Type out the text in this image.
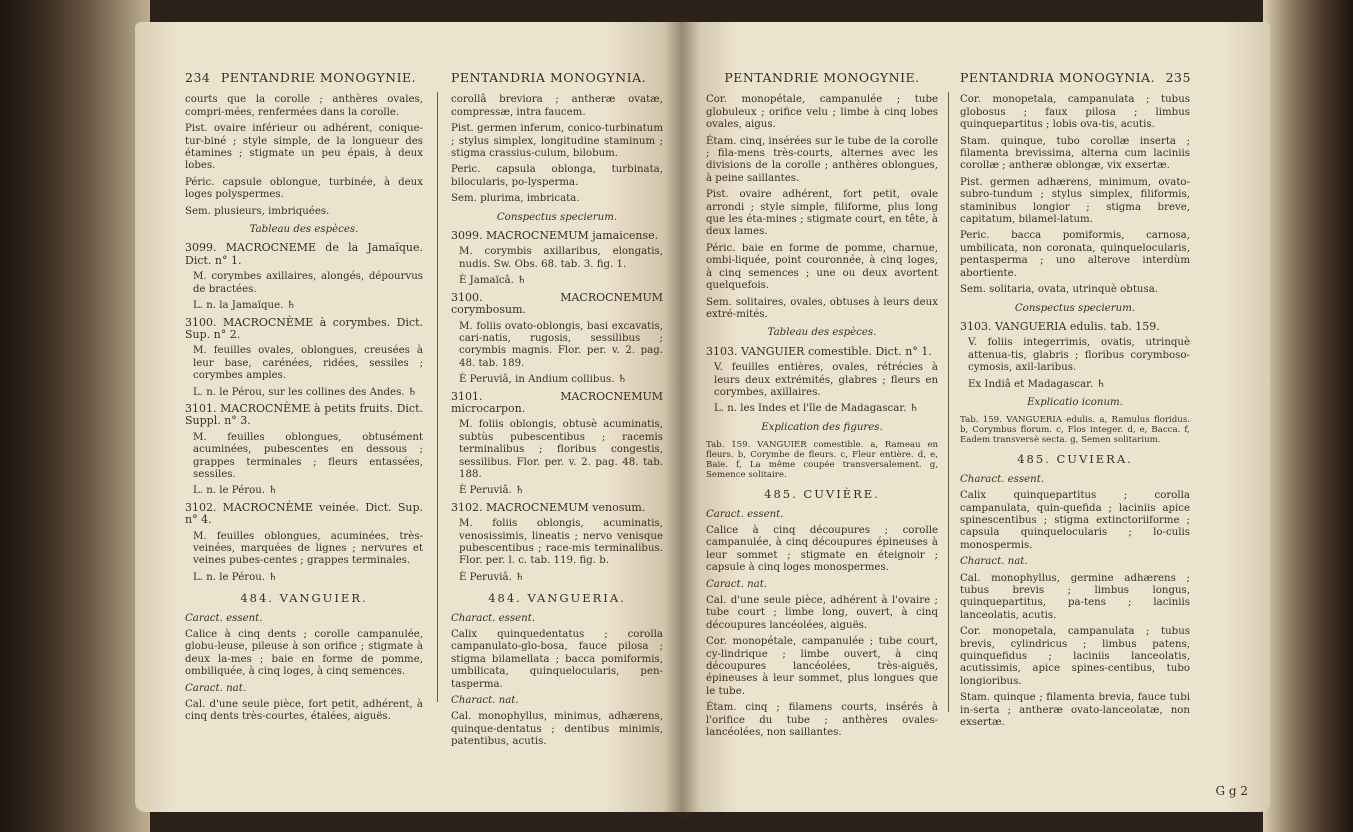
234 PENTANDRIE MONOGYNIE.

courts que la corolle ; anthères ovales, compri-mées, renfermées dans la corolle.

Pist. ovaire inférieur ou adhérent, conique-tur-biné ; style simple, de la longueur des étamines ; stigmate un peu épais, à deux lobes.

Péric. capsule oblongue, turbinée, à deux loges polyspermes.

Sem. plusieurs, imbriquées.

Tableau des espèces.

3099. MACROCNEME de la Jamaïque. Dict. n° 1.

M. corymbes axillaires, alongés, dépourvus de bractées.

L. n. la Jamaïque. ♄

3100. MACROCNÈME à corymbes. Dict. Sup. n° 2.

M. feuilles ovales, oblongues, creusées à leur base, carénées, ridées, sessiles ; corymbes amples.

L. n. le Pérou, sur les collines des Andes. ♄

3101. MACROCNÈME à petits fruits. Dict. Suppl. n° 3.

M. feuilles oblongues, obtusément acuminées, pubescentes en dessous ; grappes terminales ; fleurs entassées, sessiles.

L. n. le Pérou. ♄

3102. MACROCNÈME veinée. Dict. Sup. n° 4.

M. feuilles oblongues, acuminées, très-veinées, marquées de lignes ; nervures et veines pubes-centes ; grappes terminales.

L. n. le Pérou. ♄

484. VANGUIER.

Caract. essent.

Calice à cinq dents ; corolle campanulée, globu-leuse, pileuse à son orifice ; stigmate à deux la-mes ; baie en forme de pomme, ombiliquée, à cinq loges, à cinq semences.

Caract. nat.

Cal. d'une seule pièce, fort petit, adhérent, à cinq dents très-courtes, étalées, aiguës.

PENTANDRIA MONOGYNIA.

corollâ breviora ; antheræ ovatæ, compressæ, intra faucem.

Pist. germen inferum, conico-turbinatum ; stylus simplex, longitudine staminum ; stigma crassius-culum, bilobum.

Peric. capsula oblonga, turbinata, bilocularis, po-lysperma.

Sem. plurima, imbricata.

Conspectus specierum.

3099. MACROCNEMUM jamaicense.

M. corymbis axillaribus, elongatis, nudis. Sw. Obs. 68. tab. 3. fig. 1.

È Jamaïcâ. ♄

3100. MACROCNEMUM corymbosum.

M. foliis ovato-oblongis, basi excavatis, cari-natis, rugosis, sessilibus ; corymbis magnis. Flor. per. v. 2. pag. 48. tab. 189.

È Peruviâ, in Andium collibus. ♄

3101. MACROCNEMUM microcarpon.

M. foliis oblongis, obtusè acuminatis, subtùs pubescentibus ; racemis terminalibus ; floribus congestis, sessilibus. Flor. per. v. 2. pag. 48. tab. 188.

È Peruviâ. ♄

3102. MACROCNEMUM venosum.

M. foliis oblongis, acuminatis, venosissimis, lineatis ; nervo venisque pubescentibus ; race-mis terminalibus. Flor. per. l. c. tab. 119. fig. b.

È Peruviâ. ♄

484. VANGUERIA.

Charact. essent.

Calix quinquedentatus ; corolla campanulato-glo-bosa, fauce pilosa ; stigma bilamellata ; bacca pomiformis, umbilicata, quinquelocularis, pen-tasperma.

Charact. nat.

Cal. monophyllus, minimus, adhærens, quinque-dentatus ; dentibus minimis, patentibus, acutis.

PENTANDRIE MONOGYNIE.

Cor. monopétale, campanulée ; tube globuleux ; orifice velu ; limbe à cinq lobes ovales, aigus.

Étam. cinq, insérées sur le tube de la corolle ; fila-mens très-courts, alternes avec les divisions de la corolle ; anthères oblongues, à peine saillantes.

Pist. ovaire adhérent, fort petit, ovale arrondi ; style simple, filiforme, plus long que les éta-mines ; stigmate court, en tête, à deux lames.

Péric. baie en forme de pomme, charnue, ombi-liquée, point couronnée, à cinq loges, à cinq semences ; une ou deux avortent quelquefois.

Sem. solitaires, ovales, obtuses à leurs deux extré-mités.

Tableau des espèces.

3103. VANGUIER comestible. Dict. n° 1.

V. feuilles entières, ovales, rétrécies à leurs deux extrémités, glabres ; fleurs en corymbes, axillaires.

L. n. les Indes et l'île de Madagascar. ♄

Explication des figures.

Tab. 159. VANGUIER comestible. a, Rameau en fleurs. b, Corymbe de fleurs. c, Fleur entière. d, e, Baie. f, La même coupée transversalement. g, Semence solitaire.

485. CUVIÈRE.

Caract. essent.

Calice à cinq découpures ; corolle campanulée, à cinq découpures épineuses à leur sommet ; stigmate en éteignoir ; capsule à cinq loges monospermes.

Caract. nat.

Cal. d'une seule pièce, adhérent à l'ovaire ; tube court ; limbe long, ouvert, à cinq découpures lancéolées, aiguës.

Cor. monopétale, campanulée ; tube court, cy-lindrique ; limbe ouvert, à cinq découpures lancéolées, très-aiguës, épineuses à leur sommet, plus longues que le tube.

Étam. cinq ; filamens courts, insérés à l'orifice du tube ; anthères ovales-lancéolées, non saillantes.

PENTANDRIA MONOGYNIA. 235

Cor. monopetala, campanulata ; tubus globosus ; faux pilosa ; limbus quinquepartitus ; lobis ova-tis, acutis.

Stam. quinque, tubo corollæ inserta ; filamenta brevissima, alterna cum laciniis corollæ ; antheræ oblongæ, vix exsertæ.

Pist. germen adhærens, minimum, ovato-subro-tundum ; stylus simplex, filiformis, staminibus longior ; stigma breve, capitatum, bilamel-latum.

Peric. bacca pomiformis, carnosa, umbilicata, non coronata, quinquelocularis, pentasperma ; uno alterove interdùm abortiente.

Sem. solitaria, ovata, utrinquè obtusa.

Conspectus specierum.

3103. VANGUERIA edulis. tab. 159.

V. foliis integerrimis, ovatis, utrinquè attenua-tis, glabris ; floribus corymboso-cymosis, axil-laribus.

Ex Indiâ et Madagascar. ♄

Explicatio iconum.

Tab. 159. VANGUERIA edulis. a, Ramulus floridus. b, Corymbus florum. c, Flos integer. d, e, Bacca. f, Eadem transversè secta. g, Semen solitarium.

485. CUVIERA.

Charact. essent.

Calix quinquepartitus ; corolla campanulata, quin-quefida ; laciniis apice spinescentibus ; stigma extinctoriiforme ; capsula quinquelocularis ; lo-culis monospermis.

Charact. nat.

Cal. monophyllus, germine adhærens ; tubus brevis ; limbus longus, quinquepartitus, pa-tens ; laciniis lanceolatis, acutis.

Cor. monopetala, campanulata ; tubus brevis, cylindricus ; limbus patens, quinquefidus ; laciniis lanceolatis, acutissimis, apice spines-centibus, tubo longioribus.

Stam. quinque ; filamenta brevia, fauce tubi in-serta ; antheræ ovato-lanceolatæ, non exsertæ.

G g 2
